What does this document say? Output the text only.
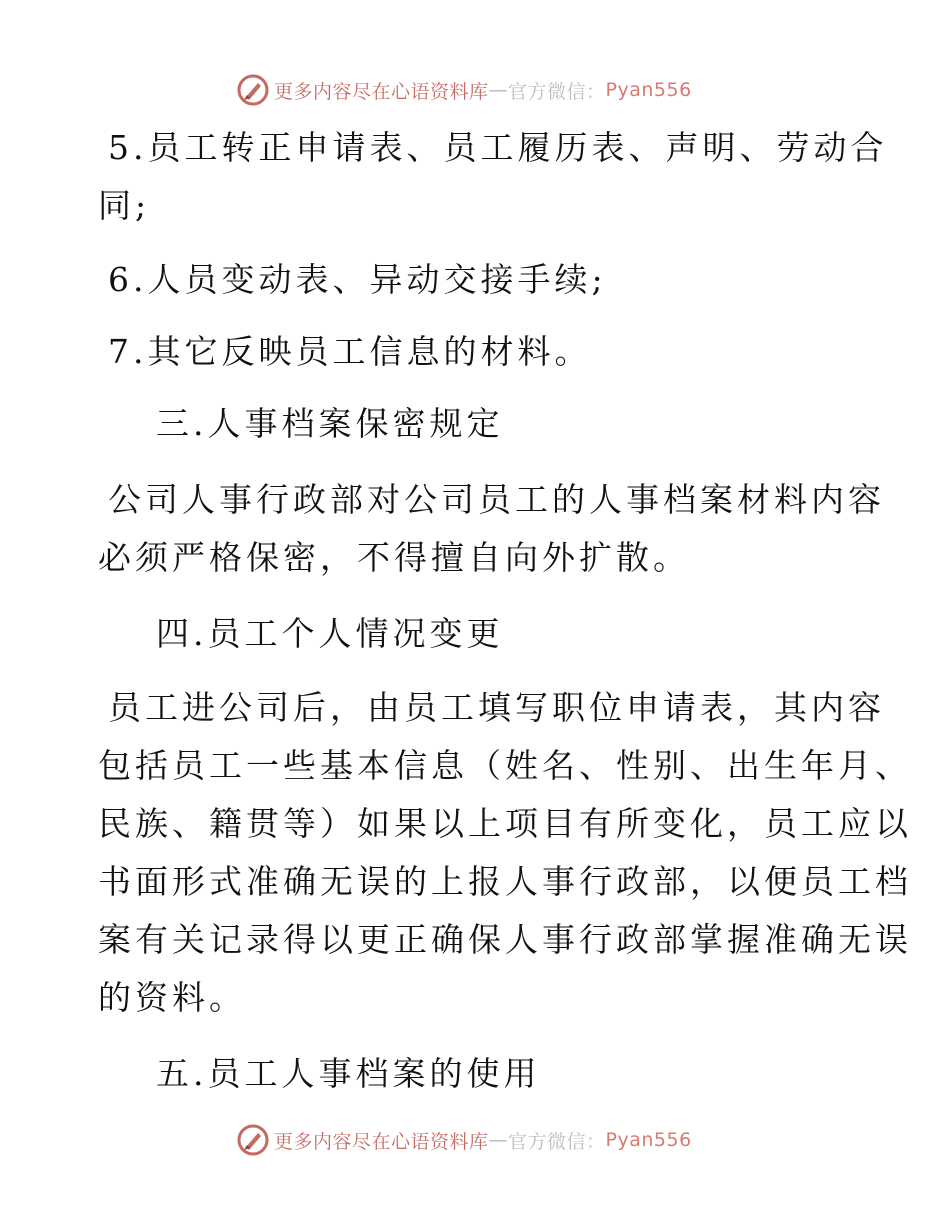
更多内容尽在心语资料库 — 官方微信： Pyan556
5.员工转正申请表、员工履历表、声明、劳动合
同;
6.人员变动表、异动交接手续;
7.其它反映员工信息的材料。
三.人事档案保密规定
公司人事行政部对公司员工的人事档案材料内容
必须严格保密，不得擅自向外扩散。
四.员工个人情况变更
员工进公司后，由员工填写职位申请表，其内容
包括员工一些基本信息（姓名、性别、出生年月、
民族、籍贯等）如果以上项目有所变化，员工应以
书面形式准确无误的上报人事行政部，以便员工档
案有关记录得以更正确保人事行政部掌握准确无误
的资料。
五.员工人事档案的使用
更多内容尽在心语资料库 — 官方微信： Pyan556
